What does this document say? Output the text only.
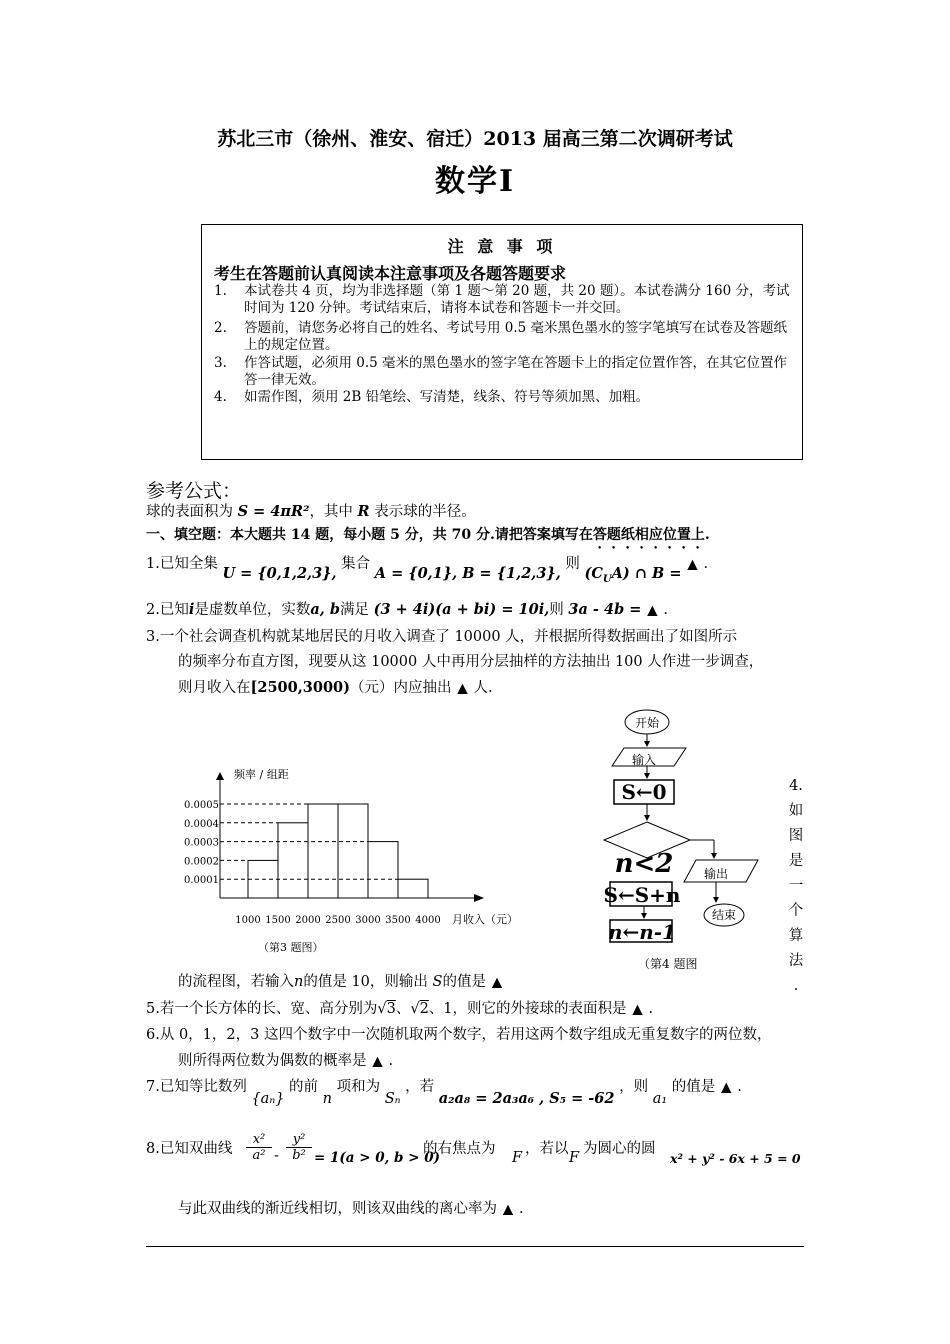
苏北三市（徐州、淮安、宿迁）2013 届高三第二次调研考试
数学Ⅰ
注 意 事 项
考生在答题前认真阅读本注意事项及各题答题要求
1. 本试卷共 4 页，均为非选择题（第 1 题～第 20 题，共 20 题）。本试卷满分 160 分，考试时间为 120 分钟。考试结束后，请将本试卷和答题卡一并交回。
2. 答题前，请您务必将自己的姓名、考试号用 0.5 毫米黑色墨水的签字笔填写在试卷及答题纸上的规定位置。
3. 作答试题，必须用 0.5 毫米的黑色墨水的签字笔在答题卡上的指定位置作答，在其它位置作答一律无效。
4. 如需作图，须用 2B 铅笔绘、写清楚，线条、符号等须加黑、加粗。
参考公式：
球的表面积为 S = 4πR²，其中 R 表示球的半径。
一、填空题：本大题共 14 题，每小题 5 分，共 70 分.请把答案填写在答题纸相应位置上.
1.已知全集 U = {0,1,2,3}, 集合 A = {0,1}, B = {1,2,3}, 则 $(C_UA)$ ∩ B =▲ .
2.已知i是虚数单位，实数a, b满足 (3 + 4i)(a + bi) = 10i,则 3a - 4b = ▲ .
3.一个社会调查机构就某地居民的月收入调查了 10000 人，并根据所得数据画出了如图所示
的频率分布直方图，现要从这 10000 人中再用分层抽样的方法抽出 100 人作进一步调查，
则月收入在[2500,3000)（元）内应抽出 ▲ 人.
频率 / 组距
0.0005
0.0004
0.0003
0.0002
0.0001
1000 1500 2000 2500 3000 3500 4000 月收入（元）
（第3 题图）
开始
输入
S←0
n<2	输出
结束
S←S+n
n←n-1
（第4 题图
4.
如
图
是
一
个
算
法
.
的流程图，若输入n的值是 10，则输出 S的值是 ▲
5.若一个长方体的长、宽、高分别为√3、√2、1，则它的外接球的表面积是 ▲ .
6.从 0，1，2，3 这四个数字中一次随机取两个数字，若用这两个数字组成无重复数字的两位数，
则所得两位数为偶数的概率是 ▲ .
7.已知等比数列 {aₙ} 的前 n 项和为 Sₙ ，若 a₂a₈ = 2a₃a₆ , S₅ = -62 ，则 a₁ 的值是 ▲ .
8.已知双曲线
x²
a² -
y²
b² = 1(a > 0, b > 0)
的右焦点为
F
，若以
F
为圆心的圆
x² + y² - 6x + 5 = 0
与此双曲线的渐近线相切，则该双曲线的离心率为 ▲ .
